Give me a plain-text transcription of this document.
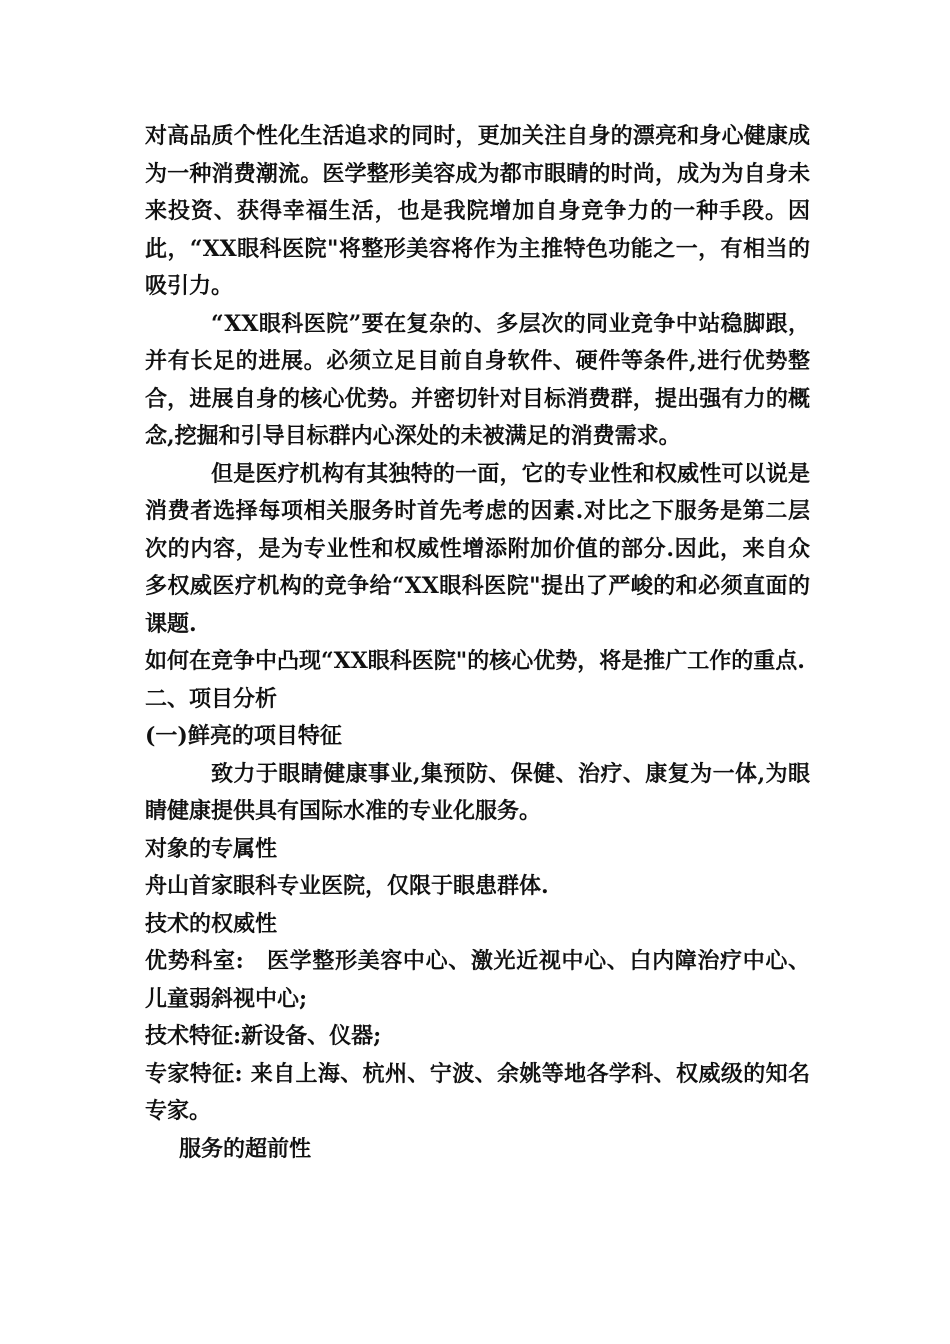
对高品质个性化生活追求的同时，更加关注自身的漂亮和身心健康成为一种消费潮流。医学整形美容成为都市眼睛的时尚，成为为自身未来投资、获得幸福生活，也是我院增加自身竞争力的一种手段。因此，“XX眼科医院"将整形美容将作为主推特色功能之一，有相当的吸引力。

“XX眼科医院”要在复杂的、多层次的同业竞争中站稳脚跟，并有长足的进展。必须立足目前自身软件、硬件等条件,进行优势整合，进展自身的核心优势。并密切针对目标消费群，提出强有力的概念,挖掘和引导目标群内心深处的未被满足的消费需求。

但是医疗机构有其独特的一面，它的专业性和权威性可以说是消费者选择每项相关服务时首先考虑的因素.对比之下服务是第二层次的内容，是为专业性和权威性增添附加价值的部分.因此，来自众多权威医疗机构的竞争给“XX眼科医院"提出了严峻的和必须直面的课题.

如何在竞争中凸现“XX眼科医院"的核心优势，将是推广工作的重点.

二、项目分析

(一)鲜亮的项目特征

致力于眼睛健康事业,集预防、保健、治疗、康复为一体,为眼睛健康提供具有国际水准的专业化服务。

对象的专属性

舟山首家眼科专业医院，仅限于眼患群体.

技术的权威性

优势科室:　医学整形美容中心、激光近视中心、白内障治疗中心、儿童弱斜视中心;

技术特征:新设备、仪器;

专家特征: 来自上海、杭州、宁波、余姚等地各学科、权威级的知名专家。

服务的超前性
